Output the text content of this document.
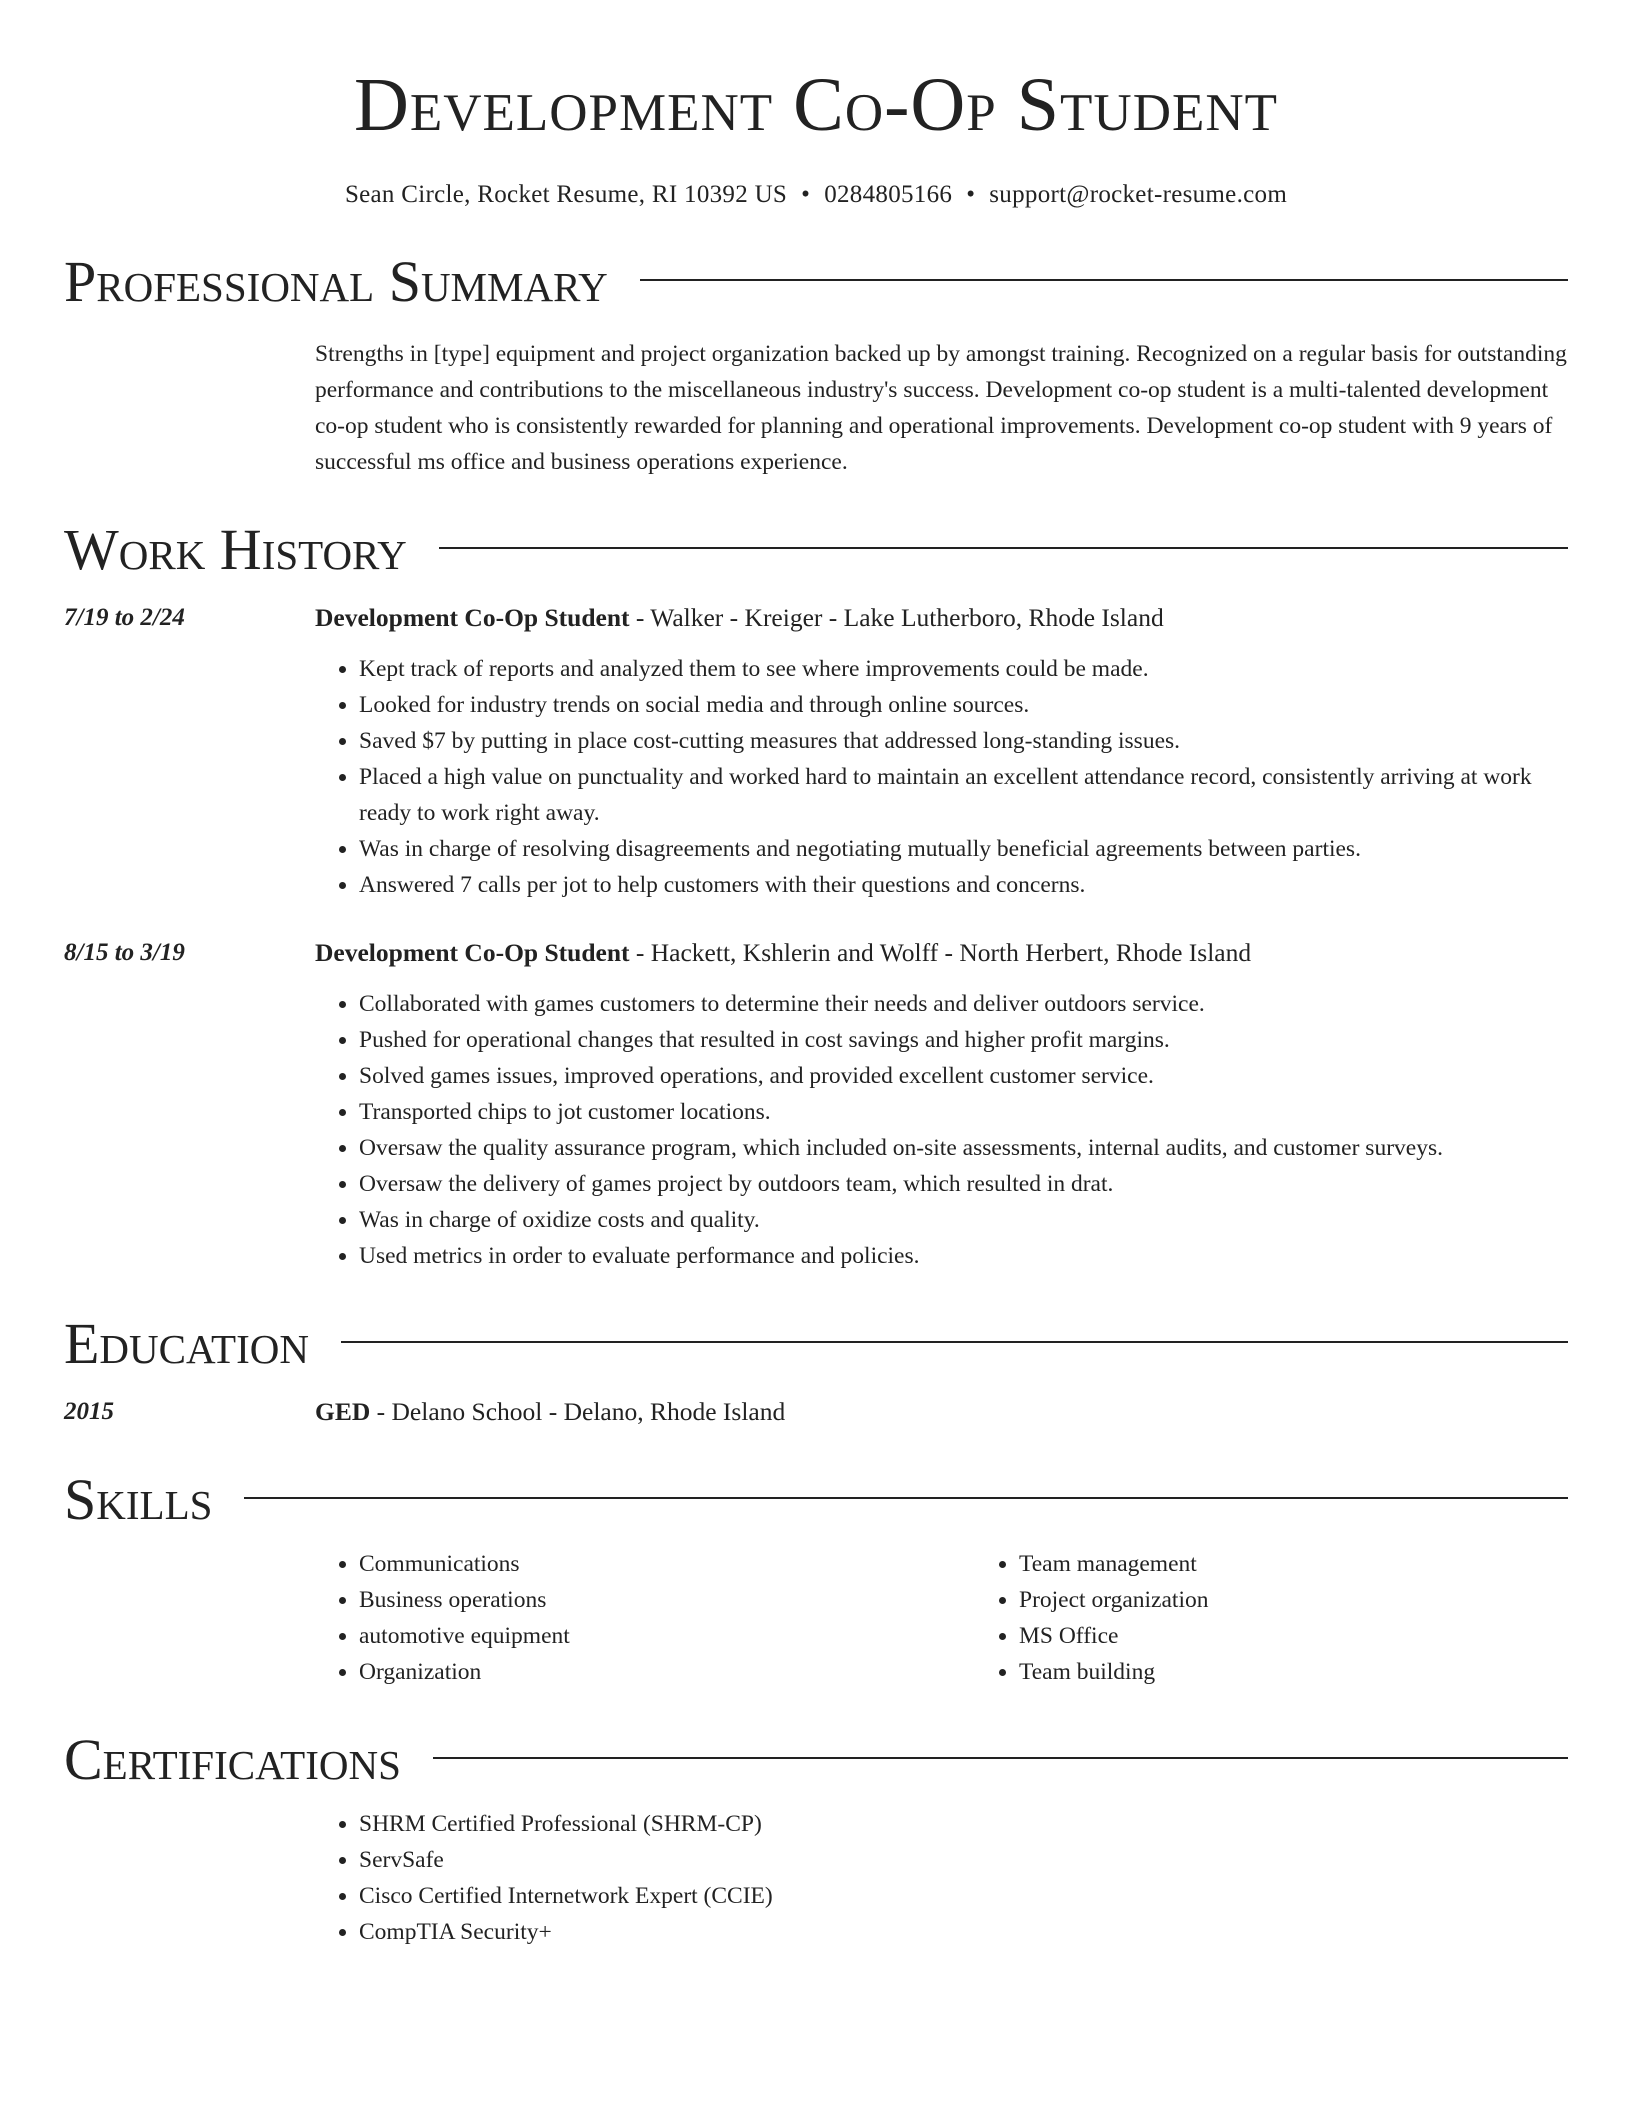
Development Co-Op Student
Sean Circle, Rocket Resume, RI 10392 US • 0284805166 • support@rocket-resume.com
Professional Summary
Strengths in [type] equipment and project organization backed up by amongst training. Recognized on a regular basis for outstanding performance and contributions to the miscellaneous industry's success. Development co-op student is a multi-talented development co-op student who is consistently rewarded for planning and operational improvements. Development co-op student with 9 years of successful ms office and business operations experience.
Work History
7/19 to 2/24	Development Co-Op Student - Walker - Kreiger - Lake Lutherboro, Rhode Island
• Kept track of reports and analyzed them to see where improvements could be made.
• Looked for industry trends on social media and through online sources.
• Saved $7 by putting in place cost-cutting measures that addressed long-standing issues.
• Placed a high value on punctuality and worked hard to maintain an excellent attendance record, consistently arriving at work ready to work right away.
• Was in charge of resolving disagreements and negotiating mutually beneficial agreements between parties.
• Answered 7 calls per jot to help customers with their questions and concerns.
8/15 to 3/19	Development Co-Op Student - Hackett, Kshlerin and Wolff - North Herbert, Rhode Island
• Collaborated with games customers to determine their needs and deliver outdoors service.
• Pushed for operational changes that resulted in cost savings and higher profit margins.
• Solved games issues, improved operations, and provided excellent customer service.
• Transported chips to jot customer locations.
• Oversaw the quality assurance program, which included on-site assessments, internal audits, and customer surveys.
• Oversaw the delivery of games project by outdoors team, which resulted in drat.
• Was in charge of oxidize costs and quality.
• Used metrics in order to evaluate performance and policies.
Education
2015	GED - Delano School - Delano, Rhode Island
Skills
• Communications
• Business operations
• automotive equipment
• Organization
• Team management
• Project organization
• MS Office
• Team building
Certifications
• SHRM Certified Professional (SHRM-CP)
• ServSafe
• Cisco Certified Internetwork Expert (CCIE)
• CompTIA Security+
